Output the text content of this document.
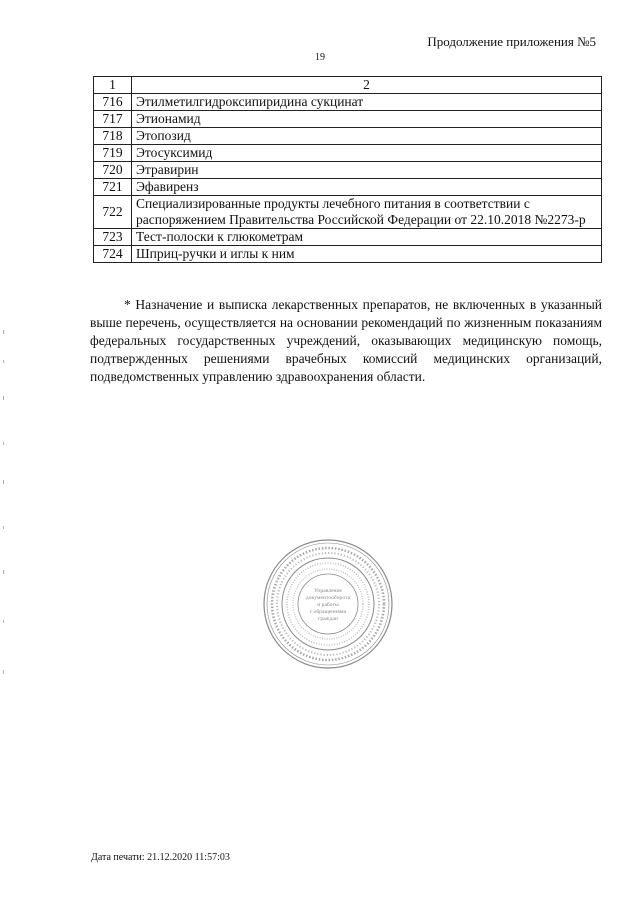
Продолжение приложения №5
19
1	2
716	Этилметилгидроксипиридина сукцинат
717	Этионамид
718	Этопозид
719	Этосуксимид
720	Этравирин
721	Эфавиренз
722	Специализированные продукты лечебного питания в соответствии с распоряжением Правительства Российской Федерации от 22.10.2018 №2273-р
723	Тест-полоски к глюкометрам
724	Шприц-ручки и иглы к ним

* Назначение и выписка лекарственных препаратов, не включенных в указанный выше перечень, осуществляется на основании рекомендаций по жизненным показаниям федеральных государственных учреждений, оказывающих медицинскую помощь, подтвержденных решениями врачебных комиссий медицинских организаций, подведомственных управлению здравоохранения области.

Управление
документооборота
и работы
с обращениями
граждан
Дата печати: 21.12.2020 11:57:03
